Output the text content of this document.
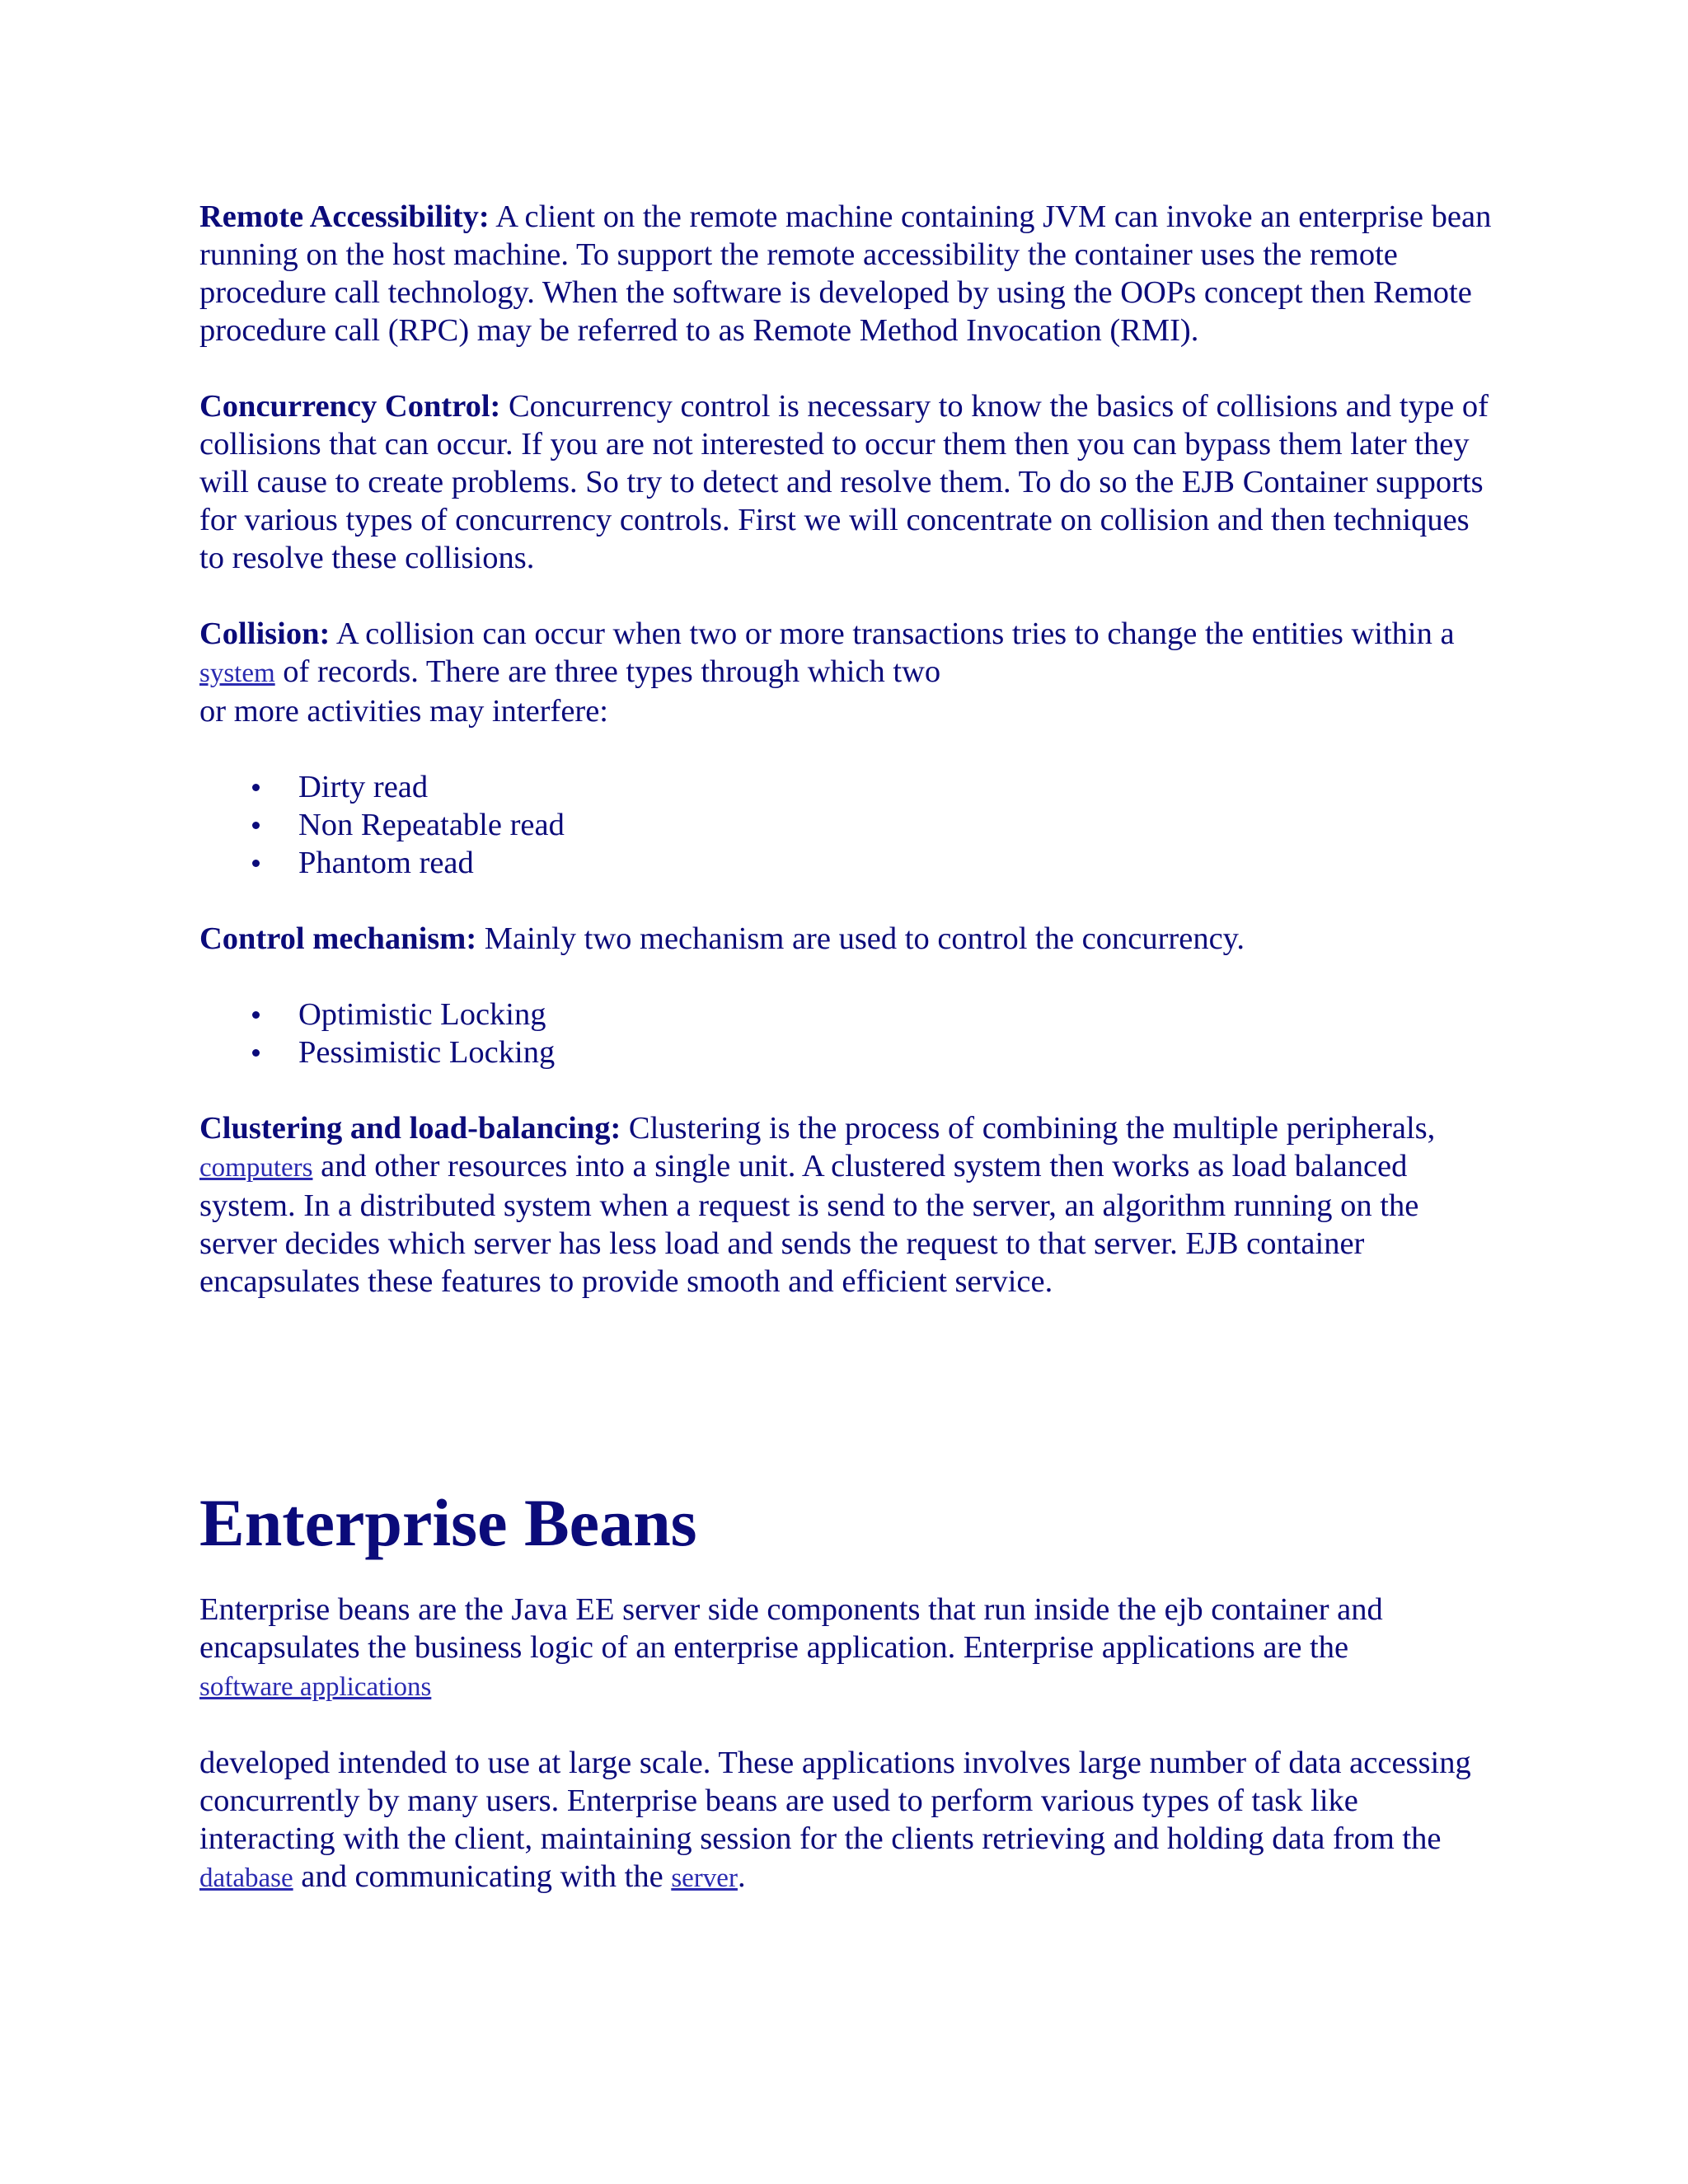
Remote Accessibility: A client on the remote machine containing JVM can invoke an enterprise bean running on the host machine. To support the remote accessibility the container uses the remote procedure call technology. When the software is developed by using the OOPs concept then Remote procedure call (RPC) may be referred to as Remote Method Invocation (RMI).

Concurrency Control: Concurrency control is necessary to know the basics of collisions and type of collisions that can occur. If you are not interested to occur them then you can bypass them later they will cause to create problems. So try to detect and resolve them. To do so the EJB Container supports for various types of concurrency controls. First we will concentrate on collision and then techniques to resolve these collisions.

Collision: A collision can occur when two or more transactions tries to change the entities within a system of records. There are three types through which two
or more activities may interfere:

Dirty read
Non Repeatable read
Phantom read

Control mechanism: Mainly two mechanism are used to control the concurrency.

Optimistic Locking
Pessimistic Locking

Clustering and load-balancing: Clustering is the process of combining the multiple peripherals, computers and other resources into a single unit. A clustered system then works as load balanced system. In a distributed system when a request is send to the server, an algorithm running on the server decides which server has less load and sends the request to that server. EJB container encapsulates these features to provide smooth and efficient service.

Enterprise Beans

Enterprise beans are the Java EE server side components that run inside the ejb container and encapsulates the business logic of an enterprise application. Enterprise applications are the
software applications

developed intended to use at large scale. These applications involves large number of data accessing concurrently by many users. Enterprise beans are used to perform various types of task like interacting with the client, maintaining session for the clients retrieving and holding data from the database and communicating with the server.
